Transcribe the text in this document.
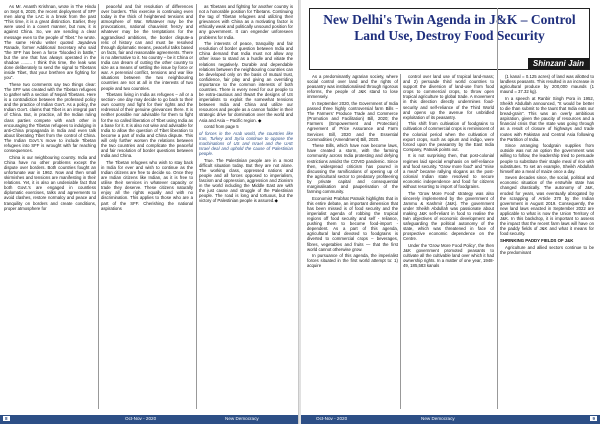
As Mr. Ananth Krishnan, wrote in The Hindu on Sept 6, 2020, the recent deployment of SFF men along the LAC is a break from the past "This time, it is a great distinction. Earlier, they were used in a covert manner, but now, it is against China. So, we are sending a clear message even to the people of Tibet." he wrote. The same Hindu writer quoted Jayadeva Ranade, former Additional Secretary who said "the SFF has been a force "blooded in battle," but the one that has always operated in the shadow ......... I think this time, the leak was done deliberately to send the signal to Tibetans inside Tibet, that your brethren are fighting for you".

These two comments say two things clear: The SFF was created with the Tibetan refugees to gather with a section of Nepali Tibetans. Here is a contradiction between the professed policy and the practice of Indian Gov't. As a policy, the Indian Gov't. claims that Tibet is an integral part of China. But, in practice, all the Indian ruling class parties compete with each other in encouraging the Tibetan refugees to indulging in anti-China propaganda in India and even talk about liberating Tibet from the control of China. The Indian Gov't.'s move to include Tibetan refugees into SFF is wrought with far reaching consequences.

China is our neighbouring country. India and China have no other problems except the dispute over borders. Both countries fought an unfortunate war in 1962. Now and then small skirmishes and tensions are manifesting in their relations. Yet, it is also an undeniable fact that both Govt.'s are engaged in countless diplomatic exercises, talks and agreements to avoid clashes, restore normalcy and peace and tranquility on borders and create conditions, proper atmosphere for

peaceful and fair resolution of differences over borders. This exercise is continuing even today in the thick of heightened tensions and atmosphere of War. Whatever may be the provocations, national chauvinist frenzy and whatever may be the temptations for the aggrandised ambitions, the border dispute-a relic of history can and must be resolved through diplomatic means, peaceful talks based on facts, fair and reasonable agreements. There is no alternative to it. No country – be it China or India can dream of cutting the other country to size as a means of settling the issue by force or war. A perennial conflict, tensions and war like situations between the two neighbouring countries are not at all in the interests of two people and two countries.

Tibetans living in India as refugees – all or a section- one day may decide to go back to their own country and fight for their rights and the redressal of their genuine grievances there. It is neither possible nor advisable for them to fight for the so called liberation of Tibet using India as a base for it. It is also not wise and advisable for India to allow the question of Tibet liberation to become a part of India and China dispute. This will only further worsen the relations between the two countries and complicate the peaceful and fair resolution of border questions between India and China.

The Tibetan refugees who wish to stay back in India for ever and wish to continue as the Indian citizens are free to decide so. Once they are Indian citizens like Indian, as it is free to utilise their services in whatever capacity or trade they deserve. These citizens naturally enjoy all the rights equally and with no discrimination. This applies to those who are a part of the SFF. Cherishing the national aspirations

as Tibetans and fighting for another country is not a honorable position for Tibetans. Continuing the tag of Tibetan refugees and utilizing their grievances with China as a motivating factor is ethically weak and politically unsound position for any government. It can engender unforeseen problems for India.

The interests of peace, tranquility and fair resolution of border question between India and China demand that India must not allow any other issue to stand as a hurdle and vitiate the relations negatively. Durable and dependable relations between the neighbouring countries can be developed only on the basis of mutual trust, confidence, fair play and giving an overriding importance to the common interests of both countries. There is every need for our people to be extra-cautious and thwart the designs of US imperialists to exploit the somewhat tensions between India and China and utilize our resources and people as a cannon fodder in their strategic drive for domination over the world and Asia and Asia – Pacific region. ◆

contd from page 5

of forces in the Arab world, the countries like Iran, Turkey and Syria continue to oppose the machinations of US and Israel and the UAE Israel deal and uphold the cause of Palestinian people.

True. The Palestinian people are in a most difficult situation today. But they are not alone. The working class, oppressed nations and people and all forces opposed to imperialism, fascism and oppression, aggression and Zionism in the world including the Middle East are with the just cause and struggle of the Palestinian people. The road is long and tortuous, but the victory of Palestinian people is assured.◆

8	Oct-Nov - 2020	New Democracy
New Delhi's Twin Agenda in J&K – Control Land Use, Destroy Food Security
Shinzani Jain

As a predominantly agrarian society, where social control over land and the rights of peasantry was institutionalised through rigorous reforms, the people of J&K stand to lose immensely.

In September 2020, the Government of India passed three highly controversial farm Bills – The Farmers' Produce Trade and Commerce (Promotion and Facilitation) Bill, 2020; the Farmers (Empowerment and Protection) Agreement of Price Assurance and Farm Services Bill, 2020 and the Essential Commodities (Amendment) Bill, 2020.

These Bills, which have now become laws, have created a storm, with the farming community across India protesting and defying restrictions amidst the COVID pandemic. Since then, widespread criticism has poured in discussing the ramifications of opening up of the agricultural sector to predatory profiteering by private capital and consequential marginalisation and pauperisation of the farming community.

Economist Prabhat Patnaik highlights that in this entire debate, an important dimension that has been missed is of food security and the imperialist agenda of robbing the tropical regions off food security and self - reliance, pushing them to become food-import - dependent. As a part of this agenda, agricultural land devoted to foodgrains is diverted to commercial crops – beverages, fibres, vegetables and fruits — that the first world cannot otherwise grow.

In pursuance of this agenda, the imperialist forces situated in the first world attempt to: 1) acquire

control over land use of tropical land-mass; and 2) persuade third world countries to support the diversion of land-use from food crops to commercial crops, to throw open tropical agriculture to global trade. A movement in this direction directly undermines food-security and self-reliance of the Third World and opens up the avenue for unbridled exploitation of its peasantry.

This shift from cultivation of foodgrains to cultivation of commercial crops is reminiscent of the colonial period when the cultivation of export crops, such as opium and indigo, were forced upon the peasantry by the East India Company, Patnaik points out.

It is not surprising then, that post-colonial regimes laid special emphasis on self-reliance and food security. "Grow more food" and "mise a meal" became rallying slogans as the post-colonial Indian state resolved to secure economic independence and food for citizens without resorting to import of foodgrains.

The 'Grow More Food' strategy was also sincerely implemented by the government of Jammu & Kashmir (J&K). The government under Sheikh Abdullah was passionate about making J&K self-reliant in food to realise the twin objectives of economic development and safeguarding the political autonomy of the state, which was threatened in face of prospective economic dependence on the Centre.

Under the 'Grow More Food Policy', the then J&K government promoted peasants to cultivate all the cultivable land over which it had ownership rights. In a matter of one year, 1948-49, 185,583 kanals

(1 kanal = 0.125 acres) of land was allotted to landless peasants. This resulted in an increase in agricultural produce by 200,000 maunds (1 maund = 37.32 kg).

In a speech at Ranbir Singh Pora in 1952, Sheikh Abdullah announced, "It would be better to die than submit to the taunt that India eats our bread-grain". This was an overly ambitious aspiration, given the paucity of resources and a financial crisis that the state was going through as a result of closure of highways and trade routes with Pakistan and Central Asia following the Partition of India.

Since arranging foodgrain supplies from outside was not an option the government was willing to follow, the leadership tried to persuade people to substitute their staple meal of rice with substitutes. To set an example, Sheikh Abdullah himself ate a meal of maize once a day.

Seven decades since, the social, political and economic situation of the erstwhile state has changed drastically. The autonomy of J&K, eroded for years, was eventually abrogated by the scrapping of Article 370 by the Indian government in August 2019. Consequently, the new land laws enacted in September 2022 are applicable to what is now the Union Territory of J&K. In this backdrop, it is important to assess the impact that the recent farm laws will have on the paddy fields of J&K and what it means for food security.

SHRINKING PADDY FIELDS OF J&K

Agriculture and allied sectors continue to be the predominant

Oct-Nov - 2020	New Democracy	9
